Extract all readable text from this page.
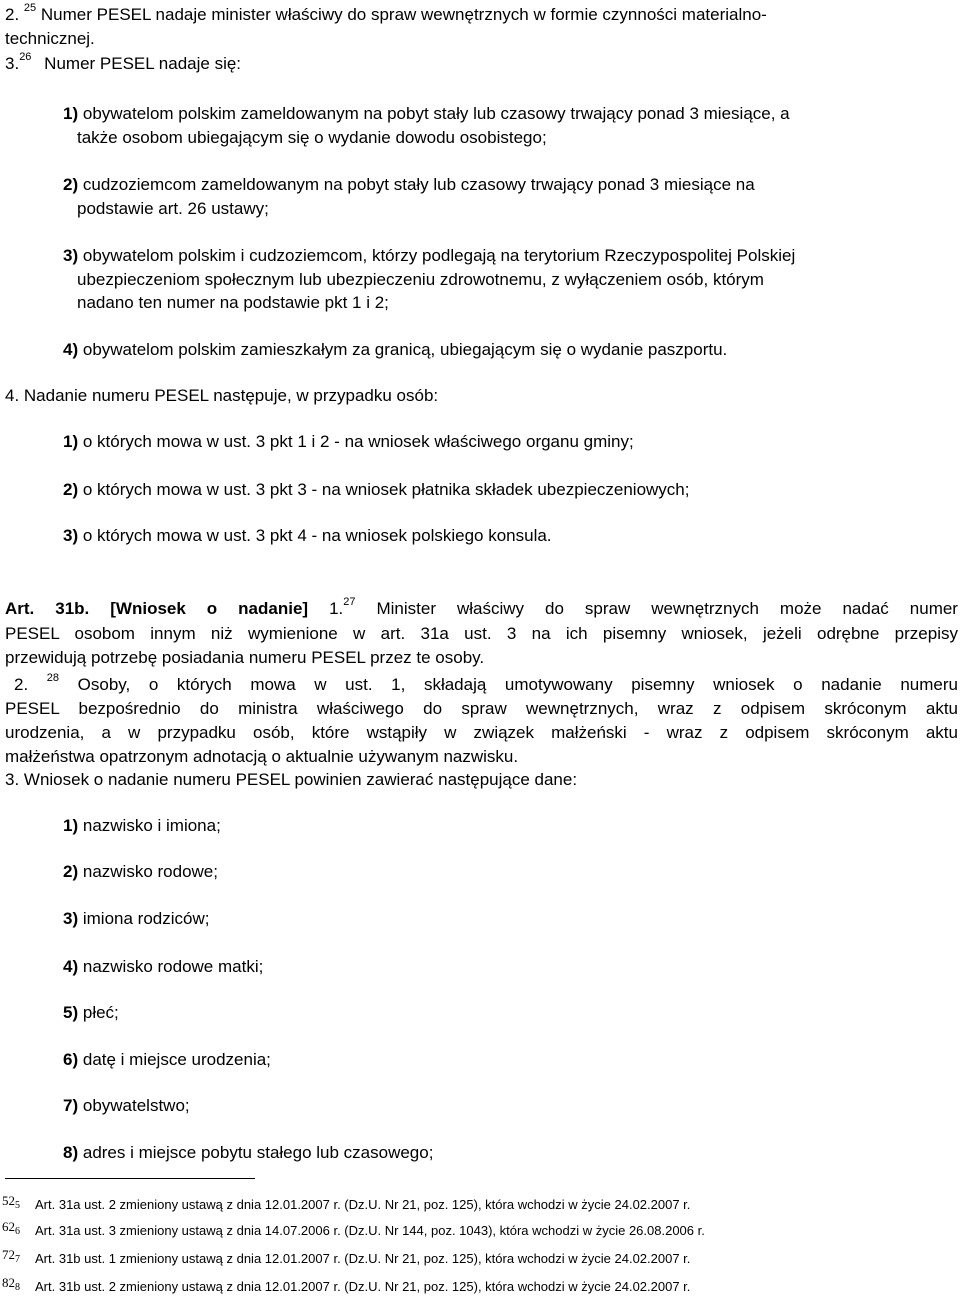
2. $^{25}$ Numer PESEL nadaje minister właściwy do spraw wewnętrznych w formie czynności materialno-
technicznej.
3.26 Numer PESEL nadaje się:
1) obywatelom polskim zameldowanym na pobyt stały lub czasowy trwający ponad 3 miesiące, a
także osobom ubiegającym się o wydanie dowodu osobistego;
2) cudzoziemcom zameldowanym na pobyt stały lub czasowy trwający ponad 3 miesiące na
podstawie art. 26 ustawy;
3) obywatelom polskim i cudzoziemcom, którzy podlegają na terytorium Rzeczypospolitej Polskiej
ubezpieczeniom społecznym lub ubezpieczeniu zdrowotnemu, z wyłączeniem osób, którym
nadano ten numer na podstawie pkt 1 i 2;
4) obywatelom polskim zamieszkałym za granicą, ubiegającym się o wydanie paszportu.
4. Nadanie numeru PESEL następuje, w przypadku osób:
1) o których mowa w ust. 3 pkt 1 i 2 - na wniosek właściwego organu gminy;
2) o których mowa w ust. 3 pkt 3 - na wniosek płatnika składek ubezpieczeniowych;
3) o których mowa w ust. 3 pkt 4 - na wniosek polskiego konsula.
Art. 31b. [Wniosek o nadanie] 1.27 Minister właściwy do spraw wewnętrznych może nadać numer
PESEL osobom innym niż wymienione w art. 31a ust. 3 na ich pisemny wniosek, jeżeli odrębne przepisy
przewidują potrzebę posiadania numeru PESEL przez te osoby.
2. $^{28}$ Osoby, o których mowa w ust. 1, składają umotywowany pisemny wniosek o nadanie numeru
PESEL bezpośrednio do ministra właściwego do spraw wewnętrznych, wraz z odpisem skróconym aktu
urodzenia, a w przypadku osób, które wstąpiły w związek małżeński - wraz z odpisem skróconym aktu
małżeństwa opatrzonym adnotacją o aktualnie używanym nazwisku.
3. Wniosek o nadanie numeru PESEL powinien zawierać następujące dane:
1) nazwisko i imiona;
2) nazwisko rodowe;
3) imiona rodziców;
4) nazwisko rodowe matki;
5) płeć;
6) datę i miejsce urodzenia;
7) obywatelstwo;
8) adres i miejsce pobytu stałego lub czasowego;
$52_5$ Art. 31a ust. 2 zmieniony ustawą z dnia 12.01.2007 r. (Dz.U. Nr 21, poz. 125), która wchodzi w życie 24.02.2007 r.
$62_6$ Art. 31a ust. 3 zmieniony ustawą z dnia 14.07.2006 r. (Dz.U. Nr 144, poz. 1043), która wchodzi w życie 26.08.2006 r.
$72_7$ Art. 31b ust. 1 zmieniony ustawą z dnia 12.01.2007 r. (Dz.U. Nr 21, poz. 125), która wchodzi w życie 24.02.2007 r.
$82_8$ Art. 31b ust. 2 zmieniony ustawą z dnia 12.01.2007 r. (Dz.U. Nr 21, poz. 125), która wchodzi w życie 24.02.2007 r.
